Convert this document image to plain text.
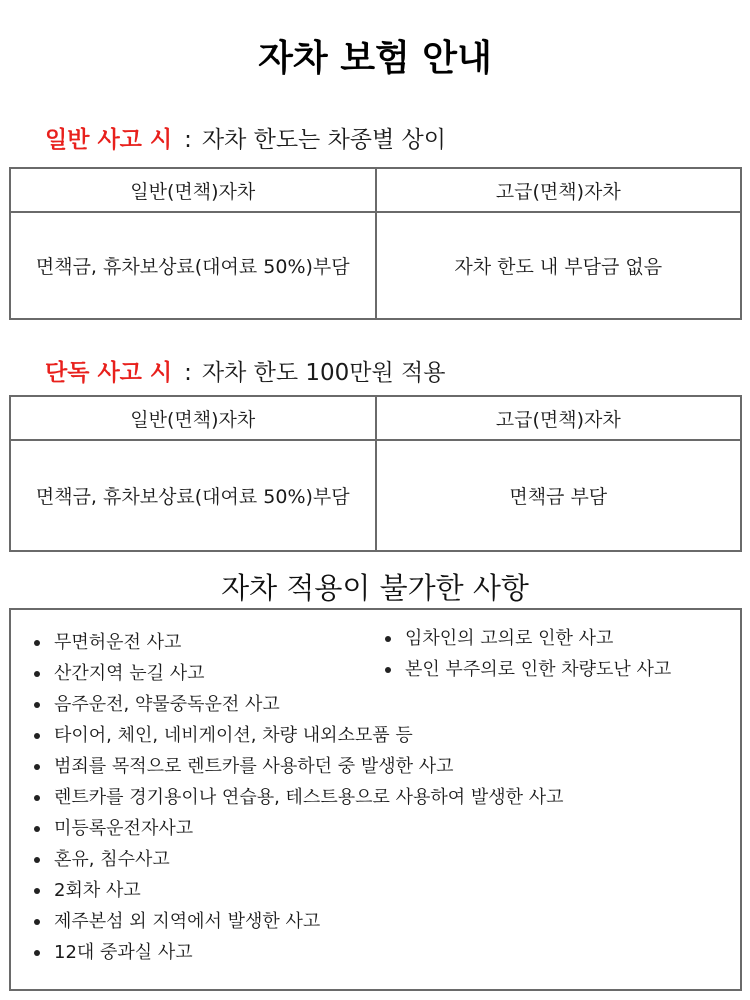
자차 보험 안내
일반 사고 시 : 자차 한도는 차종별 상이
일반(면책)자차	고급(면책)자차
면책금, 휴차보상료(대여료 50%)부담	자차 한도 내 부담금 없음
단독 사고 시 : 자차 한도 100만원 적용
일반(면책)자차	고급(면책)자차
면책금, 휴차보상료(대여료 50%)부담	면책금 부담
자차 적용이 불가한 사항
무면허운전 사고
산간지역 눈길 사고
음주운전, 약물중독운전 사고
타이어, 체인, 네비게이션, 차량 내외소모품 등
범죄를 목적으로 렌트카를 사용하던 중 발생한 사고
렌트카를 경기용이나 연습용, 테스트용으로 사용하여 발생한 사고
미등록운전자사고
혼유, 침수사고
2회차 사고
제주본섬 외 지역에서 발생한 사고
12대 중과실 사고
임차인의 고의로 인한 사고
본인 부주의로 인한 차량도난 사고
